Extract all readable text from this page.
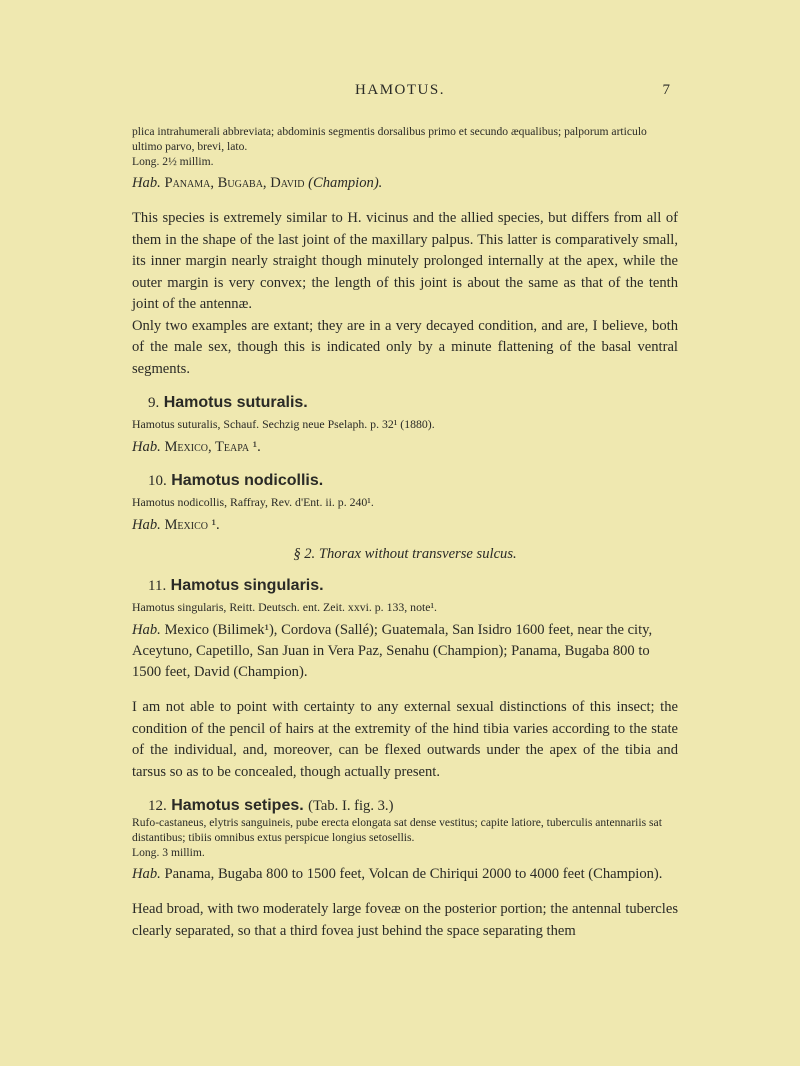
HAMOTUS.	7

plica intrahumerali abbreviata; abdominis segmentis dorsalibus primo et secundo æqualibus; palporum articulo ultimo parvo, brevi, lato.

Long. 2½ millim.

Hab. Panama, Bugaba, David (Champion).

This species is extremely similar to H. vicinus and the allied species, but differs from all of them in the shape of the last joint of the maxillary palpus. This latter is comparatively small, its inner margin nearly straight though minutely prolonged internally at the apex, while the outer margin is very convex; the length of this joint is about the same as that of the tenth joint of the antennæ.

Only two examples are extant; they are in a very decayed condition, and are, I believe, both of the male sex, though this is indicated only by a minute flattening of the basal ventral segments.

9. Hamotus suturalis.

Hamotus suturalis, Schauf. Sechzig neue Pselaph. p. 32¹ (1880).

Hab. Mexico, Teapa ¹.

10. Hamotus nodicollis.

Hamotus nodicollis, Raffray, Rev. d'Ent. ii. p. 240¹.

Hab. Mexico ¹.

§ 2. Thorax without transverse sulcus.

11. Hamotus singularis.

Hamotus singularis, Reitt. Deutsch. ent. Zeit. xxvi. p. 133, note¹.

Hab. Mexico (Bilimek¹), Cordova (Sallé); Guatemala, San Isidro 1600 feet, near the city, Aceytuno, Capetillo, San Juan in Vera Paz, Senahu (Champion); Panama, Bugaba 800 to 1500 feet, David (Champion).

I am not able to point with certainty to any external sexual distinctions of this insect; the condition of the pencil of hairs at the extremity of the hind tibia varies according to the state of the individual, and, moreover, can be flexed outwards under the apex of the tibia and tarsus so as to be concealed, though actually present.

12. Hamotus setipes. (Tab. I. fig. 3.)

Rufo-castaneus, elytris sanguineis, pube erecta elongata sat dense vestitus; capite latiore, tuberculis antennariis sat distantibus; tibiis omnibus extus perspicue longius setosellis.

Long. 3 millim.

Hab. Panama, Bugaba 800 to 1500 feet, Volcan de Chiriqui 2000 to 4000 feet (Champion).

Head broad, with two moderately large foveæ on the posterior portion; the antennal tubercles clearly separated, so that a third fovea just behind the space separating them
